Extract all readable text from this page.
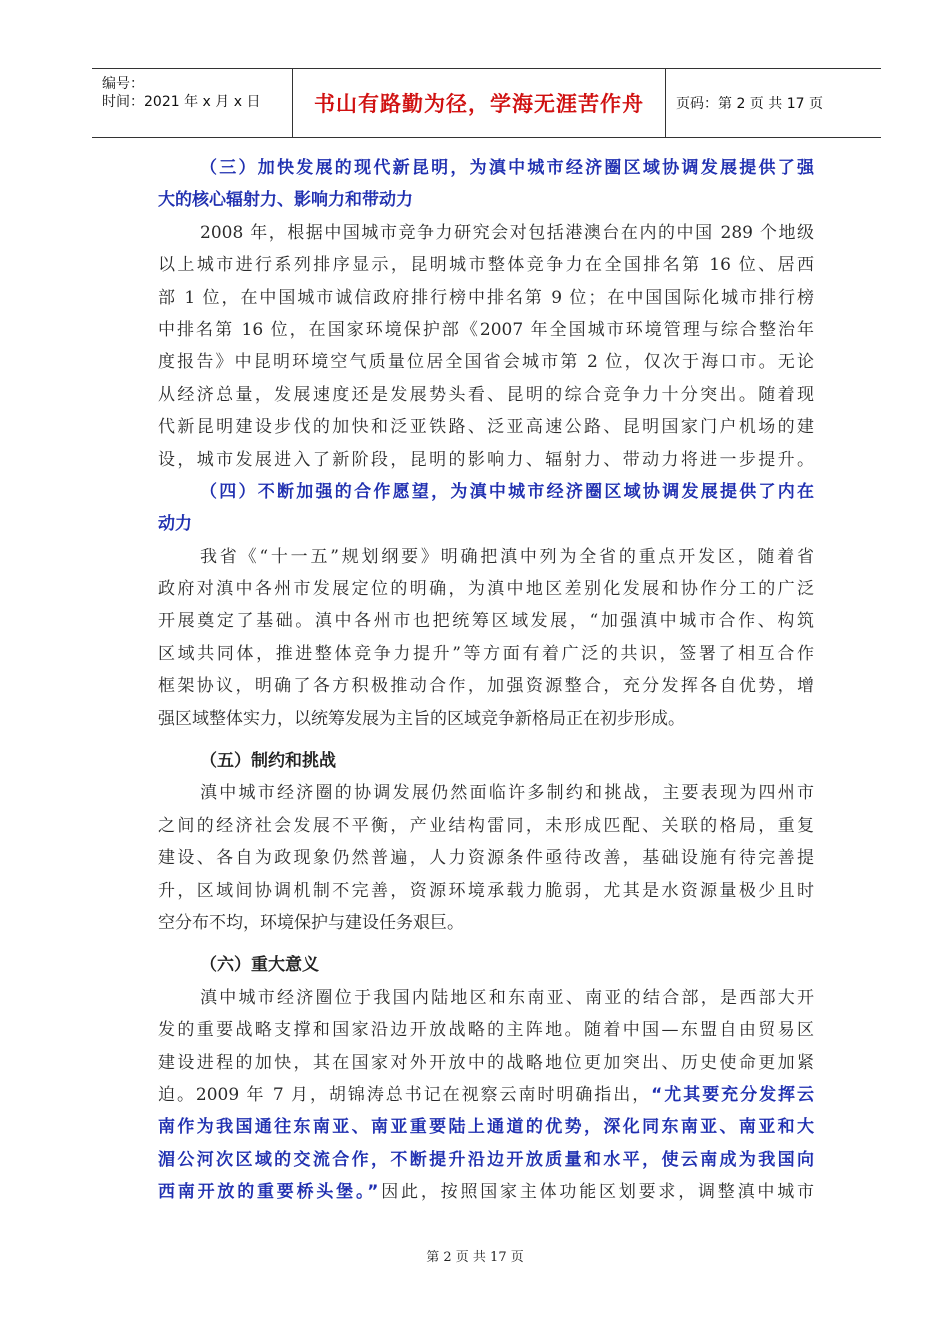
编号：
时间：2021 年 x 月 x 日	书山有路勤为径，学海无涯苦作舟	页码：第 2 页 共 17 页
（三）加快发展的现代新昆明，为滇中城市经济圈区域协调发展提供了强
大的核心辐射力、影响力和带动力
2008 年，根据中国城市竞争力研究会对包括港澳台在内的中国 289 个地级
以上城市进行系列排序显示，昆明城市整体竞争力在全国排名第 16 位、居西
部 1 位，在中国城市诚信政府排行榜中排名第 9 位；在中国国际化城市排行榜
中排名第 16 位，在国家环境保护部《2007 年全国城市环境管理与综合整治年
度报告》中昆明环境空气质量位居全国省会城市第 2 位，仅次于海口市。无论
从经济总量，发展速度还是发展势头看、昆明的综合竞争力十分突出。随着现
代新昆明建设步伐的加快和泛亚铁路、泛亚高速公路、昆明国家门户机场的建
设，城市发展进入了新阶段，昆明的影响力、辐射力、带动力将进一步提升。
（四）不断加强的合作愿望，为滇中城市经济圈区域协调发展提供了内在
动力
我省《“十一五”规划纲要》明确把滇中列为全省的重点开发区，随着省
政府对滇中各州市发展定位的明确，为滇中地区差别化发展和协作分工的广泛
开展奠定了基础。滇中各州市也把统筹区域发展，“加强滇中城市合作、构筑
区域共同体，推进整体竞争力提升”等方面有着广泛的共识，签署了相互合作
框架协议，明确了各方积极推动合作，加强资源整合，充分发挥各自优势，增
强区域整体实力，以统筹发展为主旨的区域竞争新格局正在初步形成。
（五）制约和挑战
滇中城市经济圈的协调发展仍然面临许多制约和挑战，主要表现为四州市
之间的经济社会发展不平衡，产业结构雷同，未形成匹配、关联的格局，重复
建设、各自为政现象仍然普遍，人力资源条件亟待改善，基础设施有待完善提
升，区域间协调机制不完善，资源环境承载力脆弱，尤其是水资源量极少且时
空分布不均，环境保护与建设任务艰巨。
（六）重大意义
滇中城市经济圈位于我国内陆地区和东南亚、南亚的结合部，是西部大开
发的重要战略支撑和国家沿边开放战略的主阵地。随着中国—东盟自由贸易区
建设进程的加快，其在国家对外开放中的战略地位更加突出、历史使命更加紧
迫。2009 年 7 月，胡锦涛总书记在视察云南时明确指出，“尤其要充分发挥云
南作为我国通往东南亚、南亚重要陆上通道的优势，深化同东南亚、南亚和大
湄公河次区域的交流合作，不断提升沿边开放质量和水平，使云南成为我国向
西南开放的重要桥头堡。”因此，按照国家主体功能区划要求，调整滇中城市
第 2 页 共 17 页
